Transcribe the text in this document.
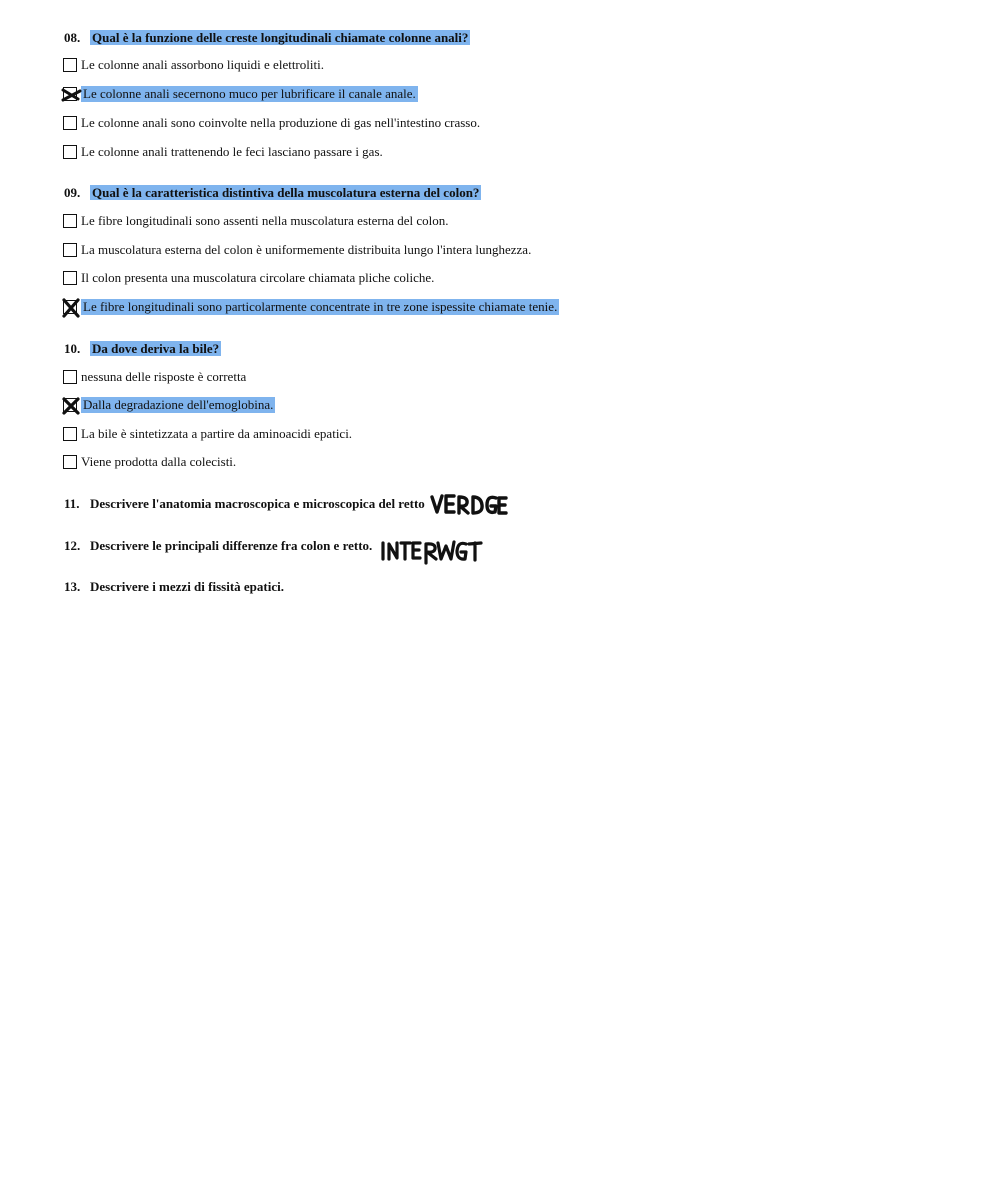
08. Qual è la funzione delle creste longitudinali chiamate colonne anali?
Le colonne anali assorbono liquidi e elettroliti.
Le colonne anali secernono muco per lubrificare il canale anale.
Le colonne anali sono coinvolte nella produzione di gas nell'intestino crasso.
Le colonne anali trattenendo le feci lasciano passare i gas.
09. Qual è la caratteristica distintiva della muscolatura esterna del colon?
Le fibre longitudinali sono assenti nella muscolatura esterna del colon.
La muscolatura esterna del colon è uniformemente distribuita lungo l'intera lunghezza.
Il colon presenta una muscolatura circolare chiamata pliche coliche.
Le fibre longitudinali sono particolarmente concentrate in tre zone ispessite chiamate tenie.
10. Da dove deriva la bile?
nessuna delle risposte è corretta
Dalla degradazione dell'emoglobina.
La bile è sintetizzata a partire da aminoacidi epatici.
Viene prodotta dalla colecisti.
11. Descrivere l'anatomia macroscopica e microscopica del retto
12. Descrivere le principali differenze fra colon e retto.
13. Descrivere i mezzi di fissità epatici.
